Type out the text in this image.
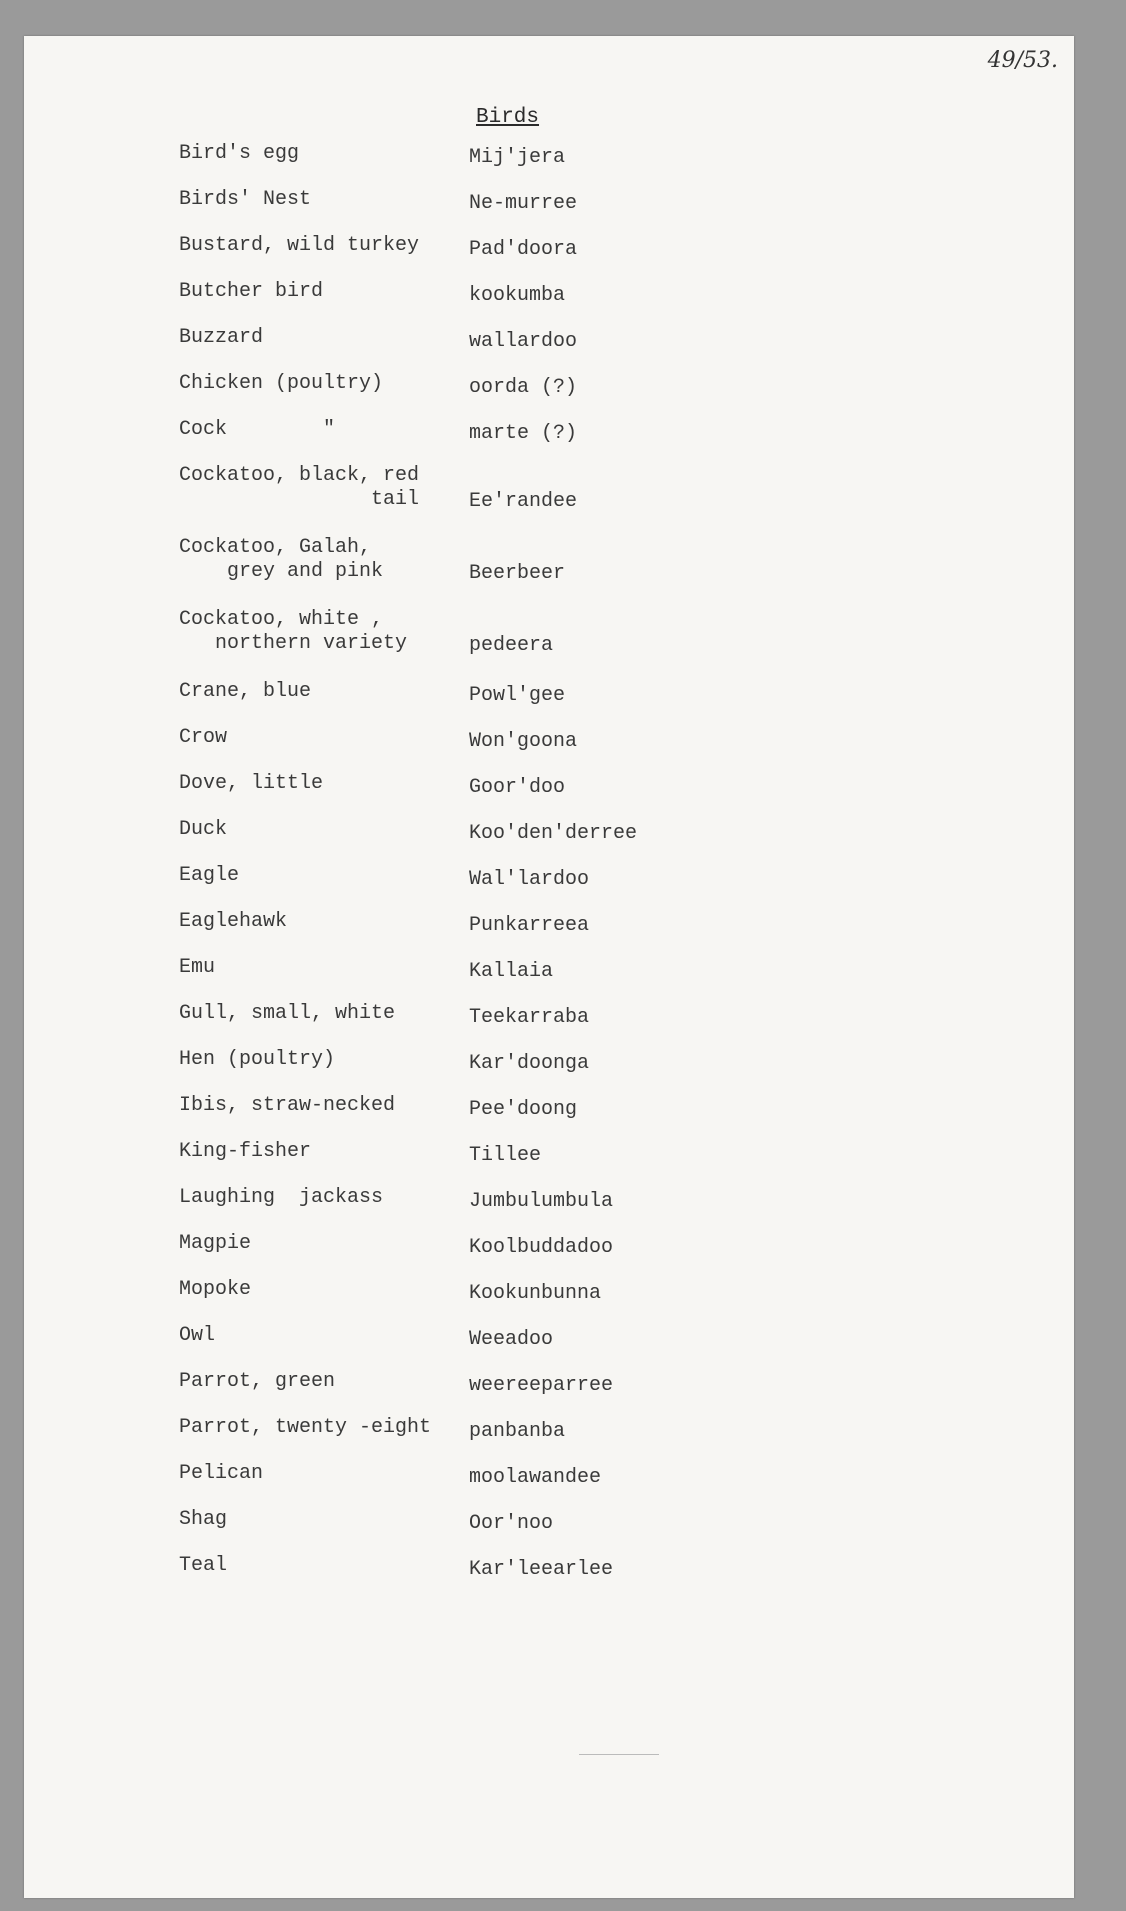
49/53.
Birds

Bird's egg

	Mij'jera

Birds' Nest

	Ne-murree

Bustard, wild turkey

Pad'doora

Butcher bird

	kookumba

Buzzard

	wallardoo

Chicken (poultry)

	oorda (?)

Cock        "

	marte (?)

Cockatoo, black, red
tail

Ee'randee

Cockatoo, Galah,
grey and pink

	Beerbeer

Cockatoo, white ,
northern variety

	pedeera

Crane, blue

	Powl'gee

Crow

	Won'goona

Dove, little

	Goor'doo

Duck

	Koo'den'derree

Eagle

	Wal'lardoo

Eaglehawk

	Punkarreea

Emu

	Kallaia

Gull, small, white

	Teekarraba

Hen (poultry)

	Kar'doonga

Ibis, straw-necked

	Pee'doong

King-fisher

	Tillee

Laughing  jackass

	Jumbulumbula

Magpie

	Koolbuddadoo

Mopoke

	Kookunbunna

Owl

	Weeadoo

Parrot, green

	weereeparree

Parrot, twenty -eight

panbanba

Pelican

	moolawandee

Shag

	Oor'noo

Teal

	Kar'leearlee
